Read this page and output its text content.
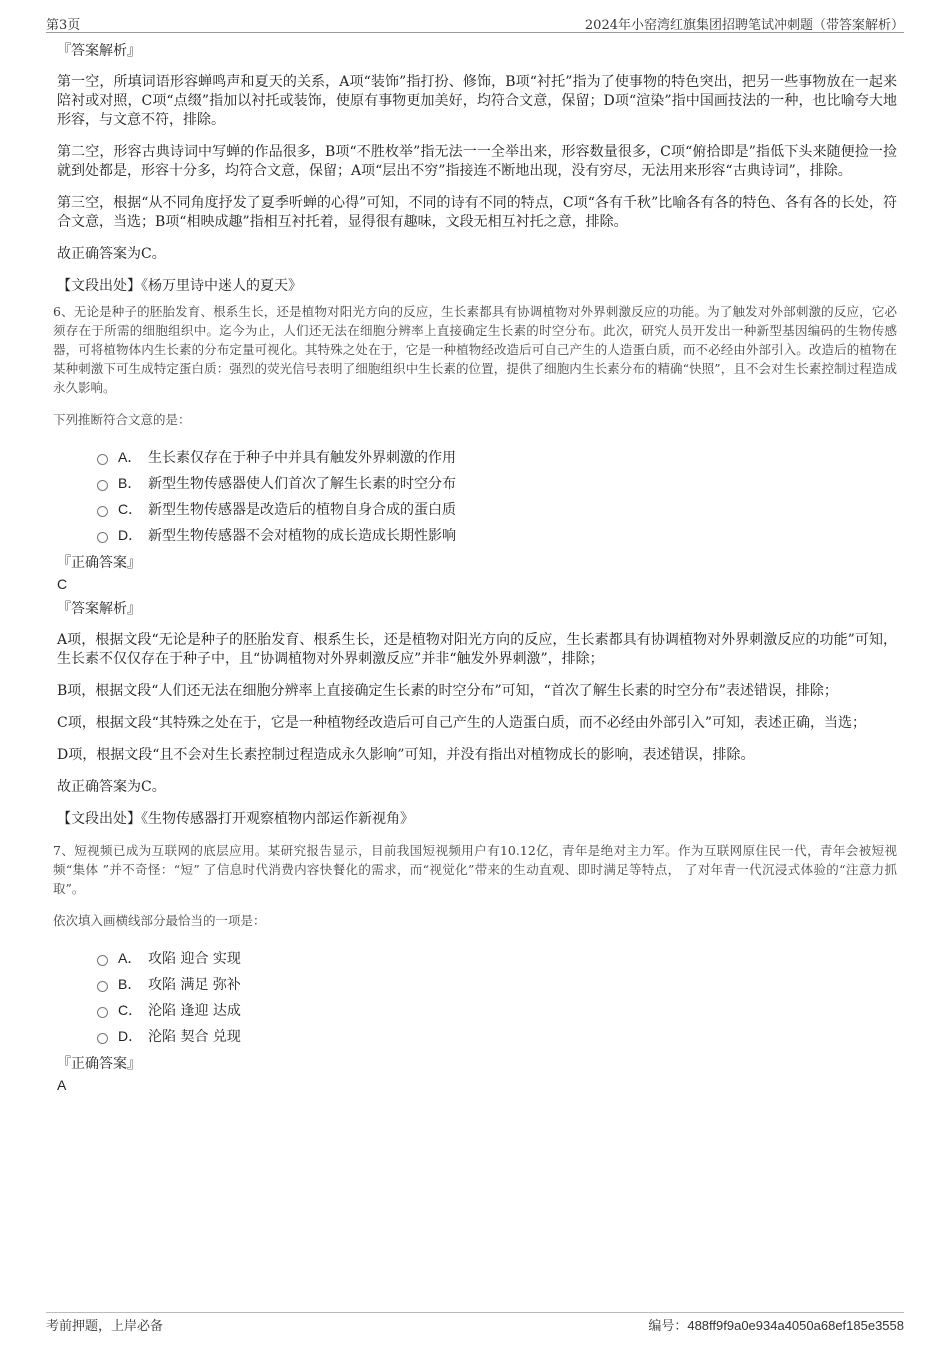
第3页	2024年小窑湾红旗集团招聘笔试冲刺题（带答案解析）
『答案解析』

第一空，所填词语形容蝉鸣声和夏天的关系，A项“装饰”指打扮、修饰，B项“衬托”指为了使事物的特色突出，把另一些事物放在一起来陪衬或对照，C项“点缀”指加以衬托或装饰，使原有事物更加美好，均符合文意，保留；D项“渲染”指中国画技法的一种，也比喻夸大地形容，与文意不符，排除。

第二空，形容古典诗词中写蝉的作品很多，B项“不胜枚举”指无法一一全举出来，形容数量很多，C项“俯拾即是”指低下头来随便捡一捡就到处都是，形容十分多，均符合文意，保留；A项“层出不穷”指接连不断地出现，没有穷尽，无法用来形容“古典诗词”，排除。

第三空，根据“从不同角度抒发了夏季听蝉的心得”可知，不同的诗有不同的特点，C项“各有千秋”比喻各有各的特色、各有各的长处，符合文意，当选；B项“相映成趣”指相互衬托着，显得很有趣味，文段无相互衬托之意，排除。

故正确答案为C。

【文段出处】《杨万里诗中迷人的夏天》

6、无论是种子的胚胎发育、根系生长，还是植物对阳光方向的反应，生长素都具有协调植物对外界刺激反应的功能。为了触发对外部刺激的反应，它必须存在于所需的细胞组织中。迄今为止，人们还无法在细胞分辨率上直接确定生长素的时空分布。此次，研究人员开发出一种新型基因编码的生物传感器，可将植物体内生长素的分布定量可视化。其特殊之处在于，它是一种植物经改造后可自己产生的人造蛋白质，而不必经由外部引入。改造后的植物在某种刺激下可生成特定蛋白质：强烈的荧光信号表明了细胞组织中生长素的位置，提供了细胞内生长素分布的精确“快照”，且不会对生长素控制过程造成永久影响。

下列推断符合文意的是：
A． 生长素仅存在于种子中并具有触发外界刺激的作用
B． 新型生物传感器使人们首次了解生长素的时空分布
C． 新型生物传感器是改造后的植物自身合成的蛋白质
D． 新型生物传感器不会对植物的成长造成长期性影响
『正确答案』
C
『答案解析』

A项，根据文段“无论是种子的胚胎发育、根系生长，还是植物对阳光方向的反应，生长素都具有协调植物对外界刺激反应的功能”可知，生长素不仅仅存在于种子中，且“协调植物对外界刺激反应”并非“触发外界刺激”，排除；

B项，根据文段“人们还无法在细胞分辨率上直接确定生长素的时空分布”可知，“首次了解生长素的时空分布”表述错误，排除；

C项，根据文段“其特殊之处在于，它是一种植物经改造后可自己产生的人造蛋白质，而不必经由外部引入”可知，表述正确，当选；

D项，根据文段“且不会对生长素控制过程造成永久影响”可知，并没有指出对植物成长的影响，表述错误，排除。

故正确答案为C。

【文段出处】《生物传感器打开观察植物内部运作新视角》

7、短视频已成为互联网的底层应用。某研究报告显示，目前我国短视频用户有10.12亿，青年是绝对主力军。作为互联网原住民一代，青年会被短视频“集体 ”并不奇怪：“短” 了信息时代消费内容快餐化的需求，而“视觉化”带来的生动直观、即时满足等特点， 了对年青一代沉浸式体验的“注意力抓取”。

依次填入画横线部分最恰当的一项是：
A． 攻陷 迎合 实现
B． 攻陷 满足 弥补
C． 沦陷 逢迎 达成
D． 沦陷 契合 兑现
『正确答案』
A
考前押题，上岸必备	编号：488ff9f9a0e934a4050a68ef185e3558
